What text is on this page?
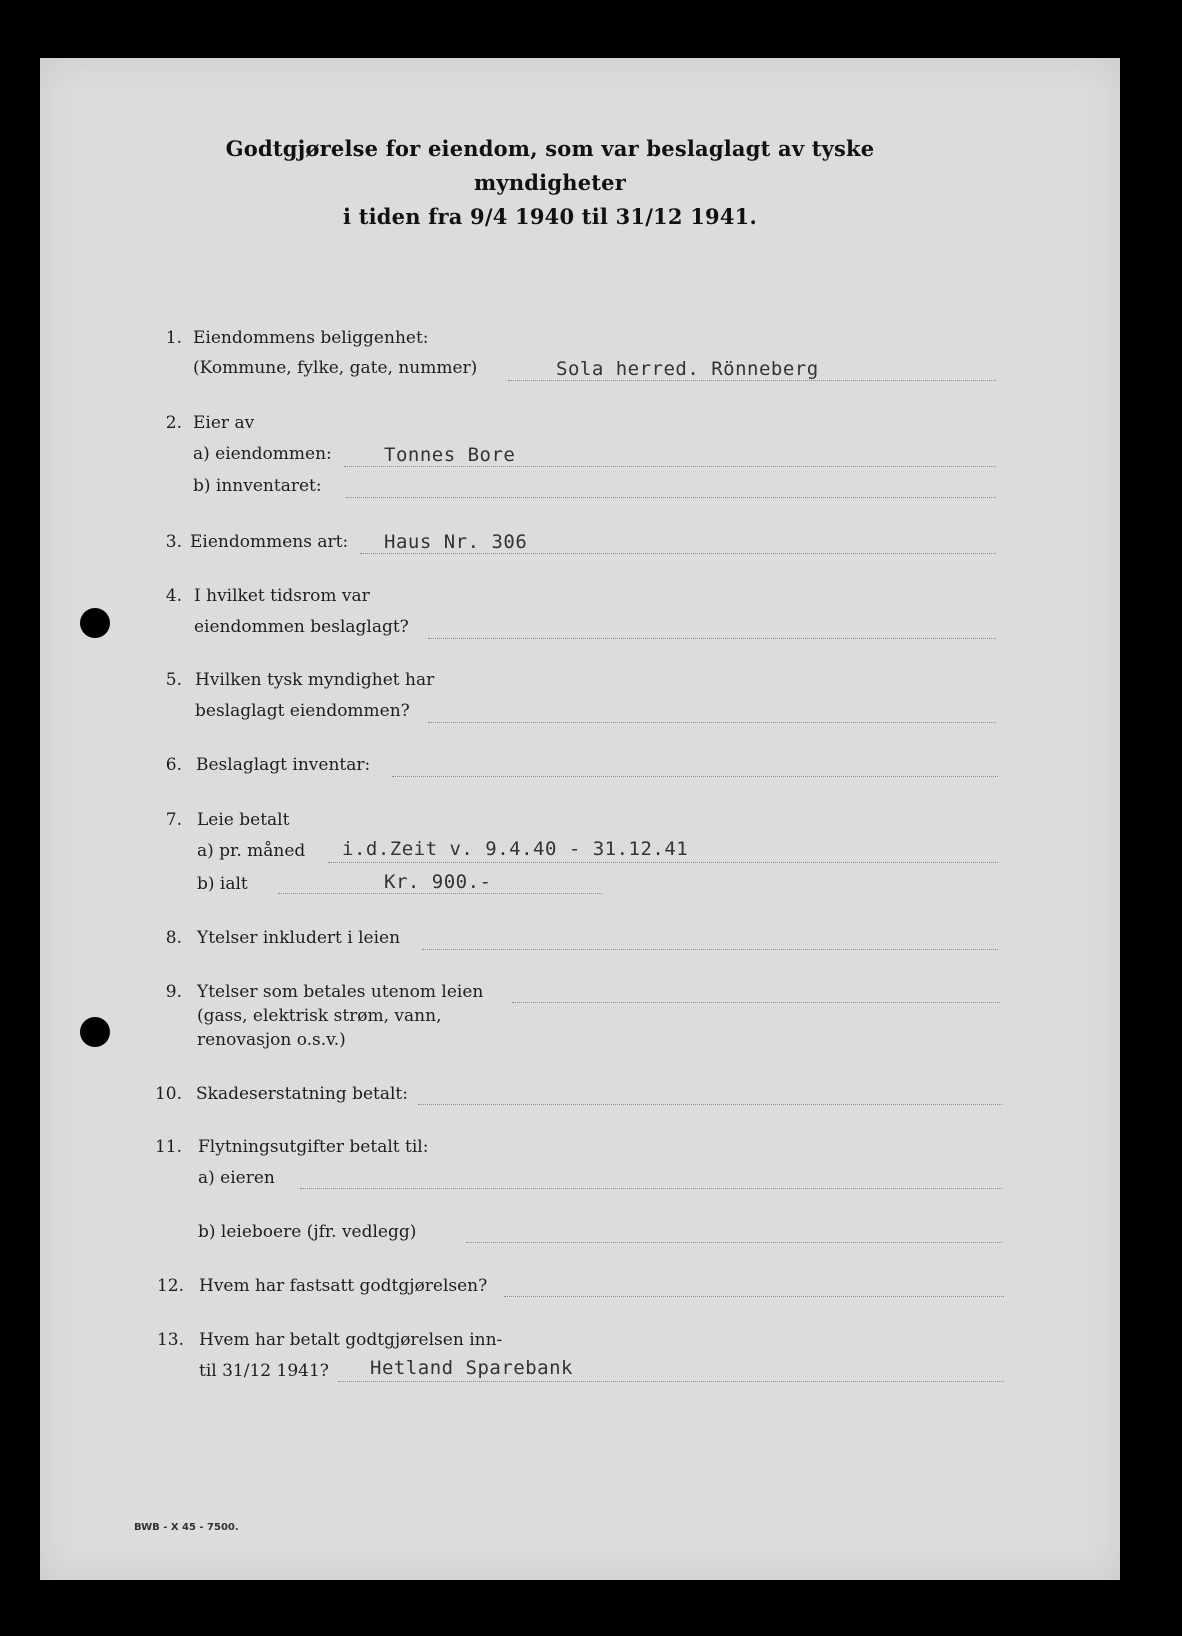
Godtgjørelse for eiendom, som var beslaglagt av tyske myndigheter
i tiden fra 9/4 1940 til 31/12 1941.
1. Eiendommens beliggenhet:
(Kommune, fylke, gate, nummer)	Sola herred. Rönneberg
2. Eier av
a) eiendommen:	Tonnes Bore
b) innventaret:
3. Eiendommens art: Haus Nr. 306
4. I hvilket tidsrom var
eiendommen beslaglagt?
5. Hvilken tysk myndighet har
beslaglagt eiendommen?
6. Beslaglagt inventar:
7. Leie betalt
a) pr. måned i.d.Zeit v. 9.4.40 - 31.12.41
b) ialt	Kr. 900.-
8. Ytelser inkludert i leien
9. Ytelser som betales utenom leien
(gass, elektrisk strøm, vann,
renovasjon o.s.v.)
10. Skadeserstatning betalt:
11. Flytningsutgifter betalt til:
a) eieren
b) leieboere (jfr. vedlegg)
12. Hvem har fastsatt godtgjørelsen?
13. Hvem har betalt godtgjørelsen inn-
til 31/12 1941? Hetland Sparebank
BWB - X 45 - 7500.
